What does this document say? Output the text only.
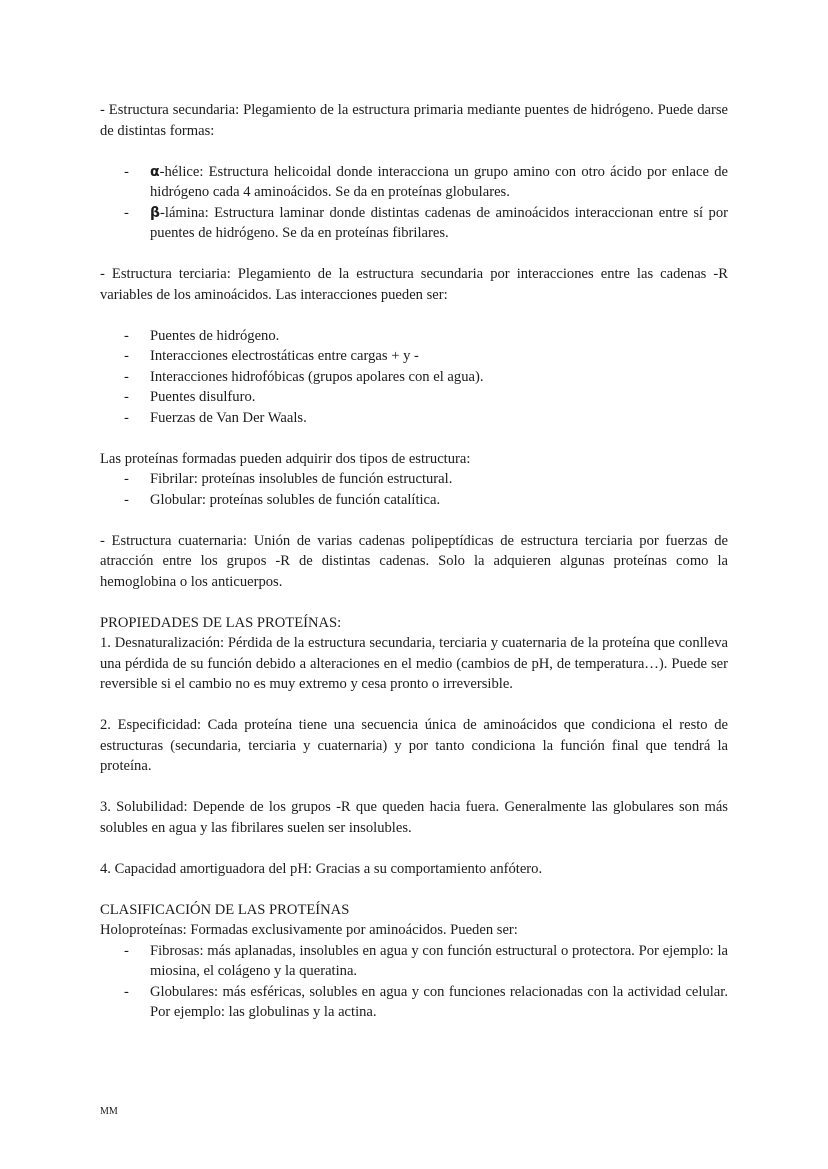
- Estructura secundaria: Plegamiento de la estructura primaria mediante puentes de hidrógeno. Puede darse de distintas formas:

- α-hélice: Estructura helicoidal donde interacciona un grupo amino con otro ácido por enlace de hidrógeno cada 4 aminoácidos. Se da en proteínas globulares.
- β-lámina: Estructura laminar donde distintas cadenas de aminoácidos interaccionan entre sí por puentes de hidrógeno. Se da en proteínas fibrilares.

- Estructura terciaria: Plegamiento de la estructura secundaria por interacciones entre las cadenas -R variables de los aminoácidos. Las interacciones pueden ser:

- Puentes de hidrógeno.
- Interacciones electrostáticas entre cargas + y -
- Interacciones hidrofóbicas (grupos apolares con el agua).
- Puentes disulfuro.
- Fuerzas de Van Der Waals.

Las proteínas formadas pueden adquirir dos tipos de estructura:

- Fibrilar: proteínas insolubles de función estructural.
- Globular: proteínas solubles de función catalítica.

- Estructura cuaternaria: Unión de varias cadenas polipeptídicas de estructura terciaria por fuerzas de atracción entre los grupos -R de distintas cadenas. Solo la adquieren algunas proteínas como la hemoglobina o los anticuerpos.

PROPIEDADES DE LAS PROTEÍNAS:

1. Desnaturalización: Pérdida de la estructura secundaria, terciaria y cuaternaria de la proteína que conlleva una pérdida de su función debido a alteraciones en el medio (cambios de pH, de temperatura…). Puede ser reversible si el cambio no es muy extremo y cesa pronto o irreversible.

2. Especificidad: Cada proteína tiene una secuencia única de aminoácidos que condiciona el resto de estructuras (secundaria, terciaria y cuaternaria) y por tanto condiciona la función final que tendrá la proteína.

3. Solubilidad: Depende de los grupos -R que queden hacia fuera. Generalmente las globulares son más solubles en agua y las fibrilares suelen ser insolubles.

4. Capacidad amortiguadora del pH: Gracias a su comportamiento anfótero.

CLASIFICACIÓN DE LAS PROTEÍNAS

Holoproteínas: Formadas exclusivamente por aminoácidos. Pueden ser:

- Fibrosas: más aplanadas, insolubles en agua y con función estructural o protectora. Por ejemplo: la miosina, el colágeno y la queratina.
- Globulares: más esféricas, solubles en agua y con funciones relacionadas con la actividad celular. Por ejemplo: las globulinas y la actina.
MM
